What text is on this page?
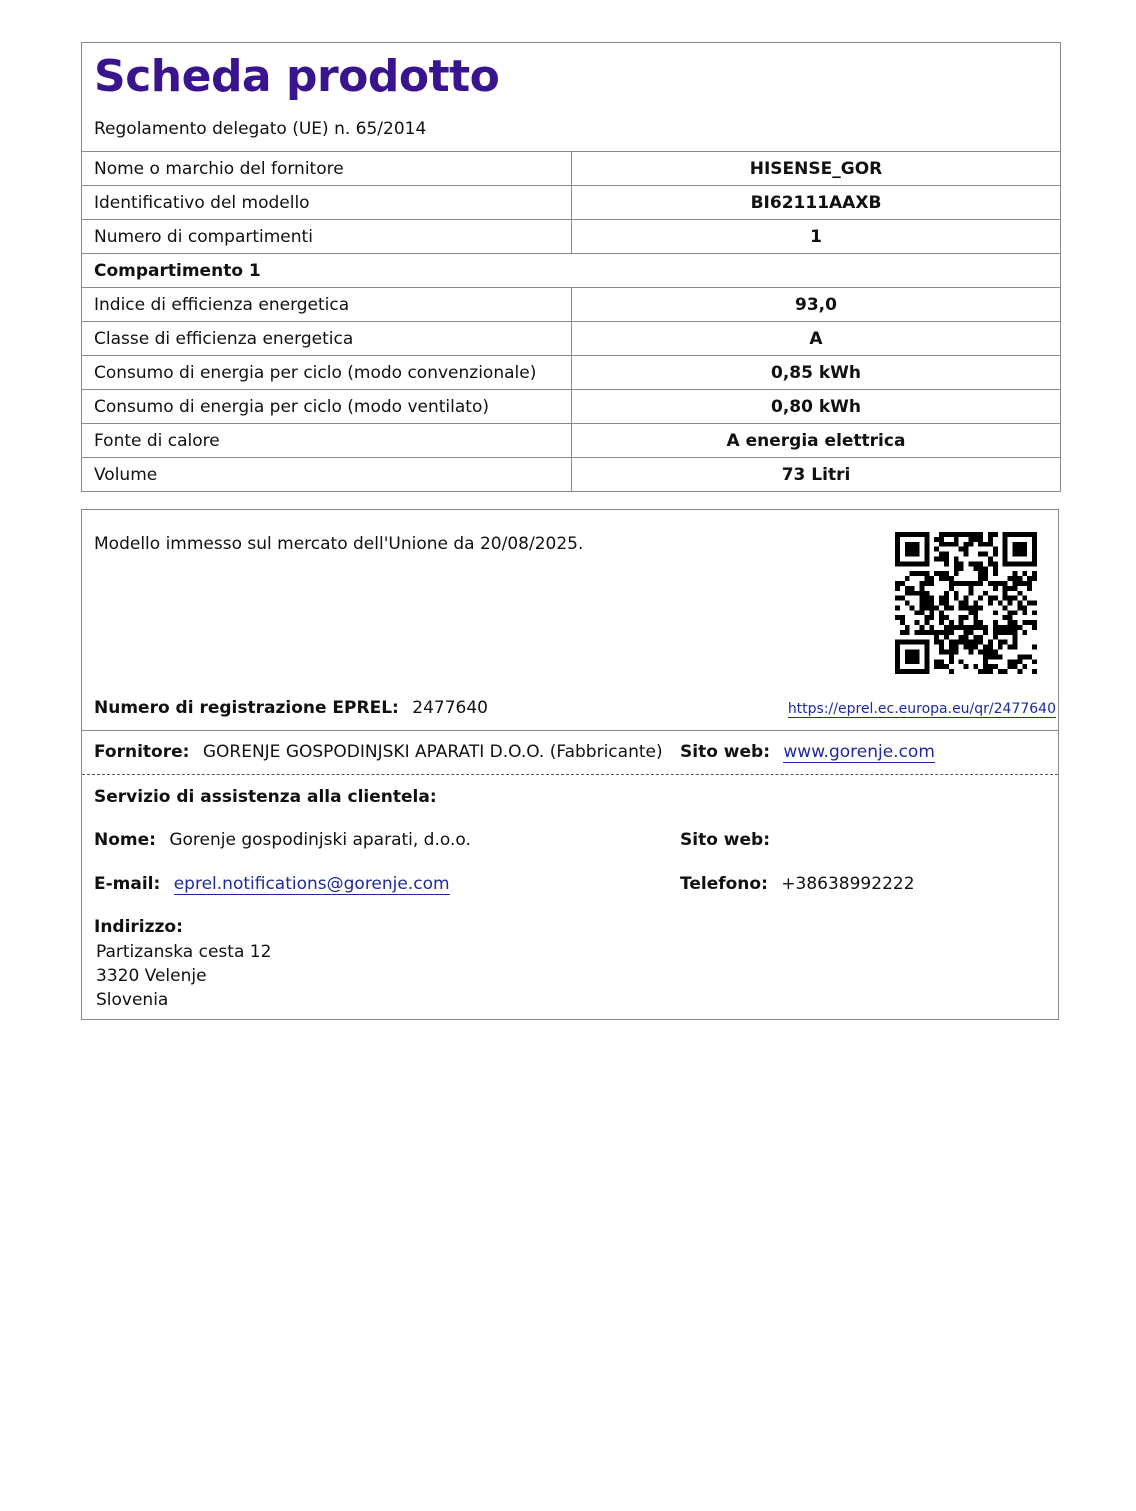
Scheda prodotto
Regolamento delegato (UE) n. 65/2014
Nome o marchio del fornitore	HISENSE_GOR
Identificativo del modello	BI62111AAXB
Numero di compartimenti	1
Compartimento 1	
Indice di efficienza energetica	93,0
Classe di efficienza energetica	A
Consumo di energia per ciclo (modo convenzionale)	0,85 kWh
Consumo di energia per ciclo (modo ventilato)	0,80 kWh
Fonte di calore	A energia elettrica
Volume	73 Litri
Modello immesso sul mercato dell'Unione da 20/08/2025.
Numero di registrazione EPREL: 2477640	https://eprel.ec.europa.eu/qr/2477640
Fornitore: GORENJE GOSPODINJSKI APARATI D.O.O. (Fabbricante) Sito web: www.gorenje.com
Servizio di assistenza alla clientela:
Nome: Gorenje gospodinjski aparati, d.o.o.	Sito web:
E-mail: eprel.notifications@gorenje.com	Telefono: +38638992222
Indirizzo:
Partizanska cesta 12
3320 Velenje
Slovenia
